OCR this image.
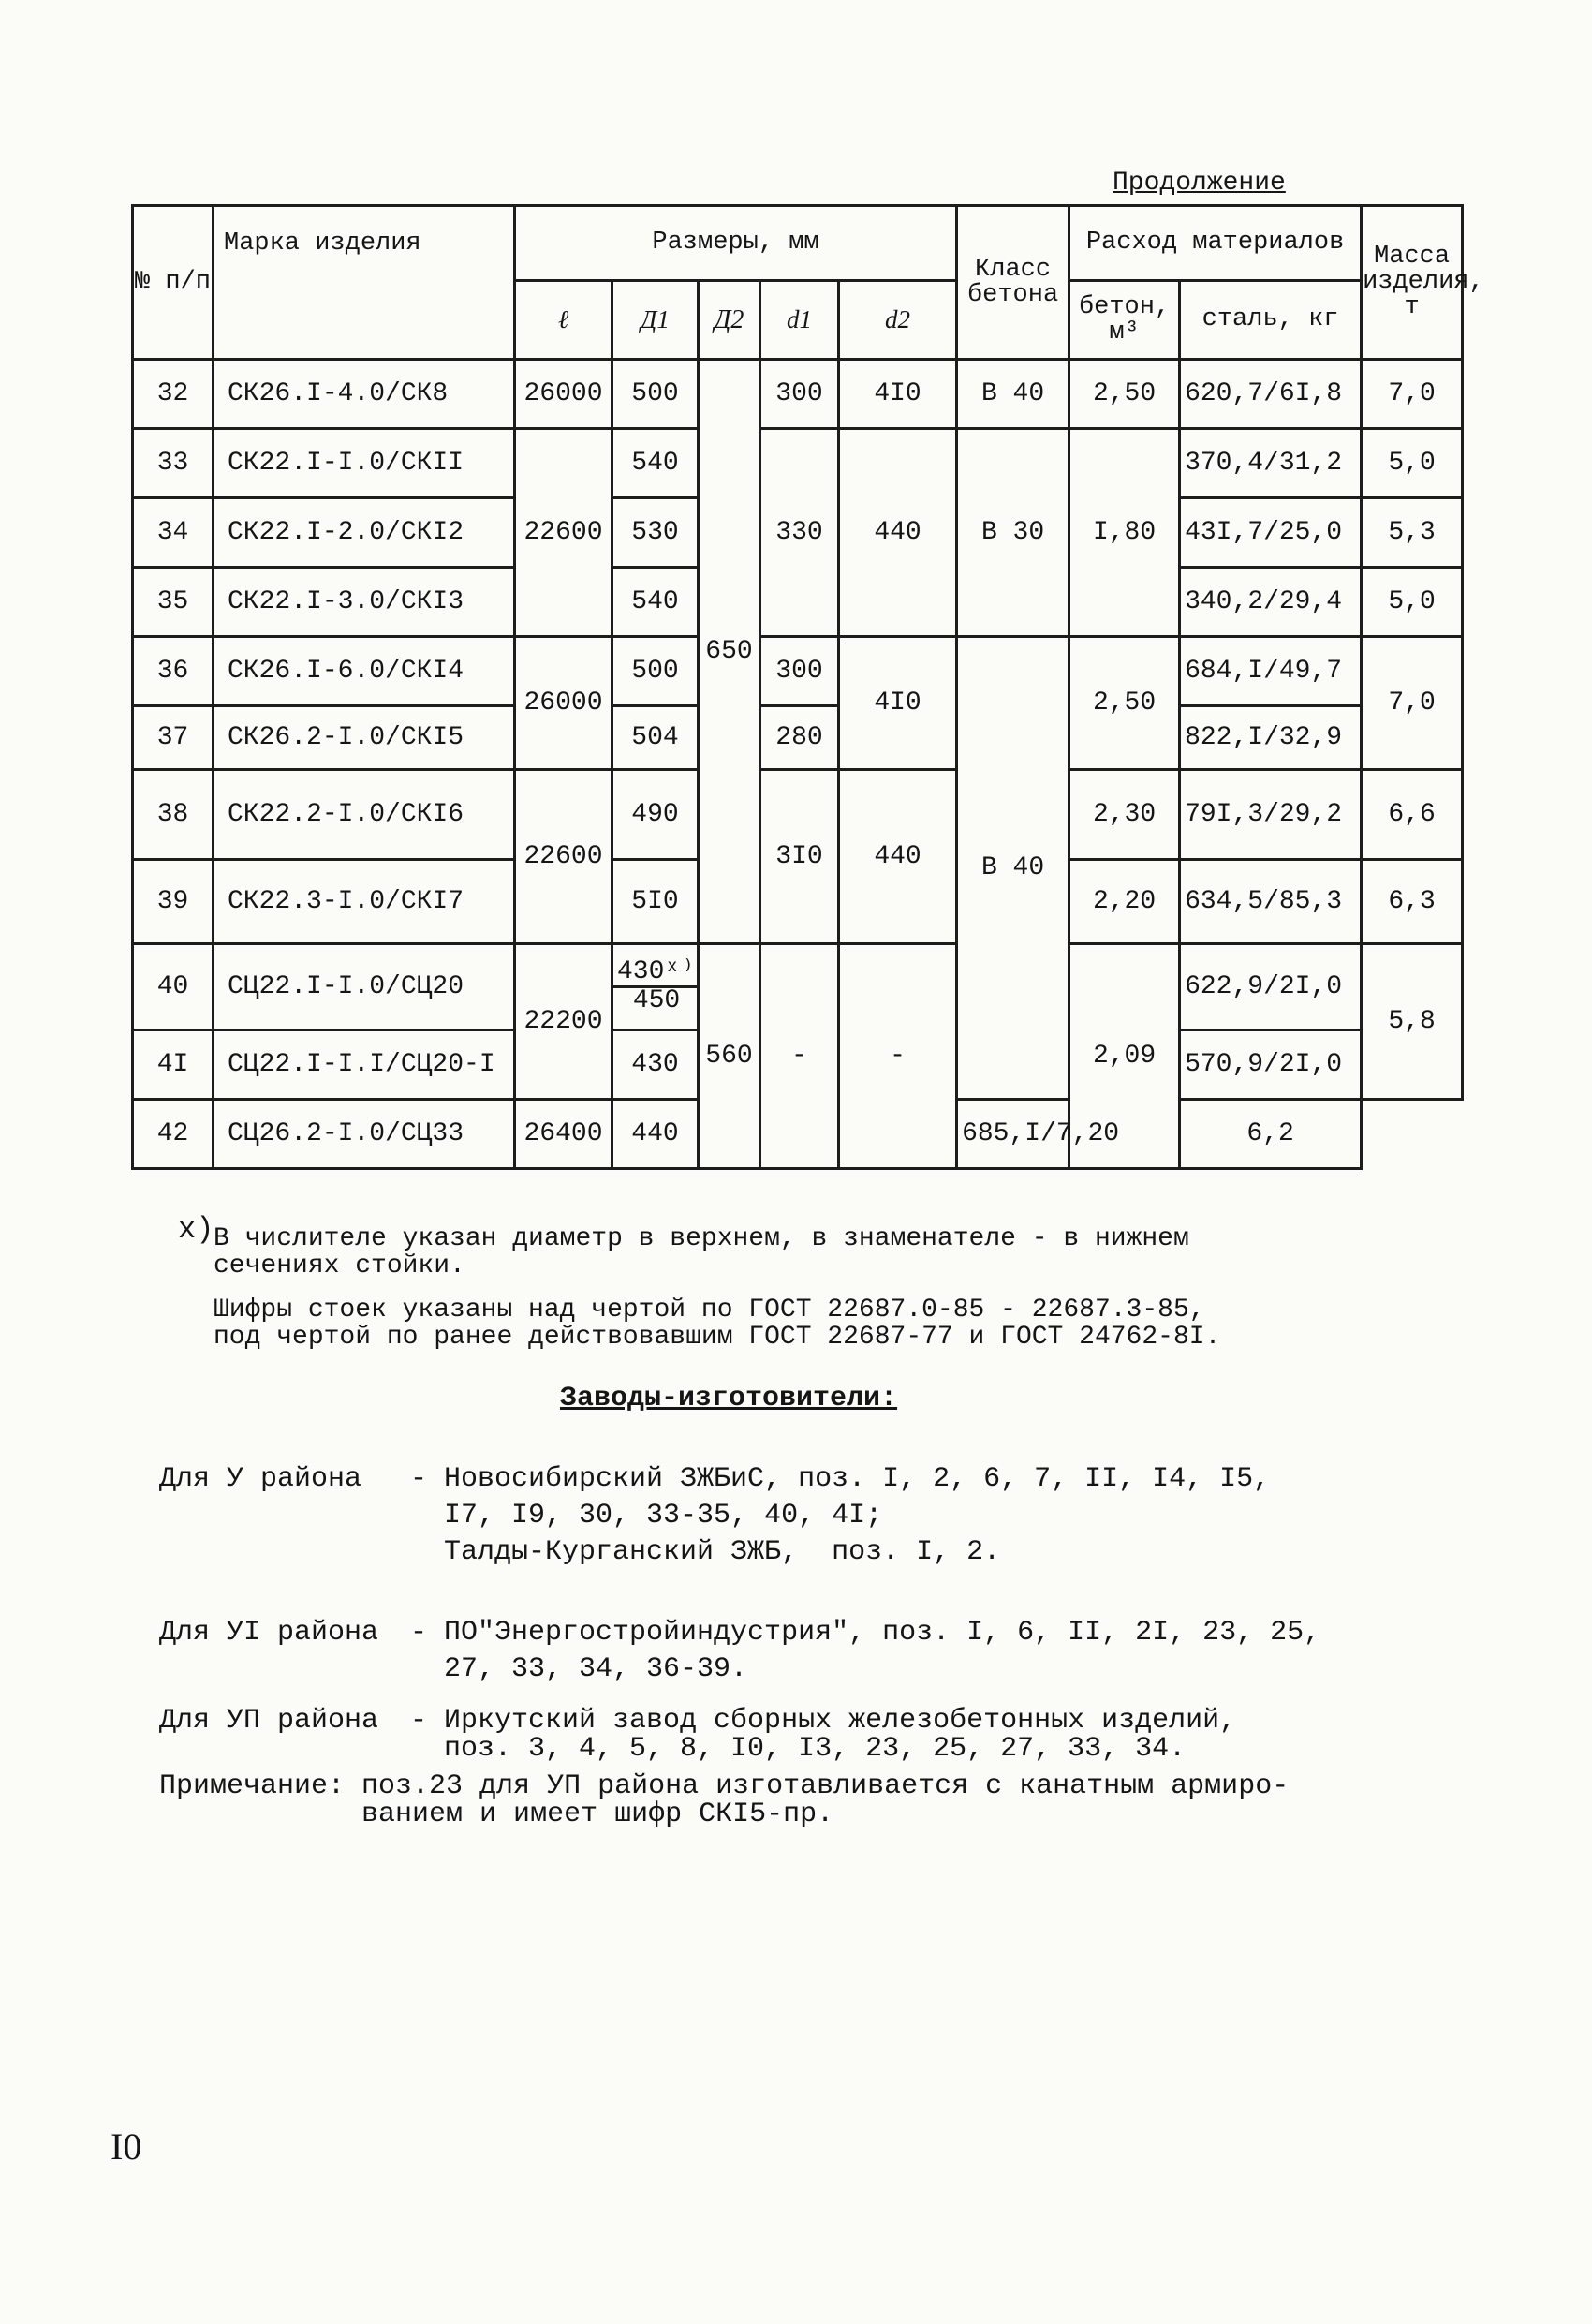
Продолжение
№ п/п	Марка изделия	Размеры, мм					Класс бетона	Расход материалов		Масса изделия, т
		ℓ	Д1	Д2	d1	d2		бетон, м³	сталь, кг	
32	СК26.I-4.0/СК8	26000	500	650	300	4I0	В 40	2,50	620,7/6I,8	7,0
33	СК22.I-I.0/СКII	22600	540		330	440	В 30	I,80	370,4/31,2	5,0
34	СК22.I-2.0/СКI2		530						43I,7/25,0	5,3
35	СК22.I-3.0/СКI3		540						340,2/29,4	5,0
36	СК26.I-6.0/СКI4	26000	500		300	4I0	В 40	2,50	684,I/49,7	7,0
37	СК26.2-I.0/СКI5		504		280				822,I/32,9	
38	СК22.2-I.0/СКI6	22600	490		3I0	440		2,30	79I,3/29,2	6,6
39	СК22.3-I.0/СКI7		5I0					2,20	634,5/85,3	6,3
40	СЦ22.I-I.0/СЦ20	22200	$\frac{\text{430ˣ⁾}}{450}$	560	-	-		2,09	622,9/2I,0	5,8
4I	СЦ22.I-I.I/СЦ20-I		430						570,9/2I,0	
42	СЦ26.2-I.0/СЦ33	26400	440				685,I/7,20		6,2	
х) В числителе указан диаметр в верхнем, в знаменателе - в нижнем
сечениях стойки.
Шифры стоек указаны над чертой по ГОСТ 22687.0-85 - 22687.3-85,
под чертой по ранее действовавшим ГОСТ 22687-77 и ГОСТ 24762-8I.
Заводы-изготовители:
Для У района - Новосибирский ЗЖБиС, поз. I, 2, 6, 7, II, I4, I5,
I7, I9, 30, 33-35, 40, 4I;
Талды-Курганский ЗЖБ,  поз. I, 2.
Для УI района - ПО"Энергостройиндустрия", поз. I, 6, II, 2I, 23, 25,
27, 33, 34, 36-39.
Для УП района - Иркутский завод сборных железобетонных изделий,
поз. 3, 4, 5, 8, I0, I3, 23, 25, 27, 33, 34.
Примечание: поз.23 для УП района изготавливается с канатным армиро-
ванием и имеет шифр СКI5-пр.
I0
